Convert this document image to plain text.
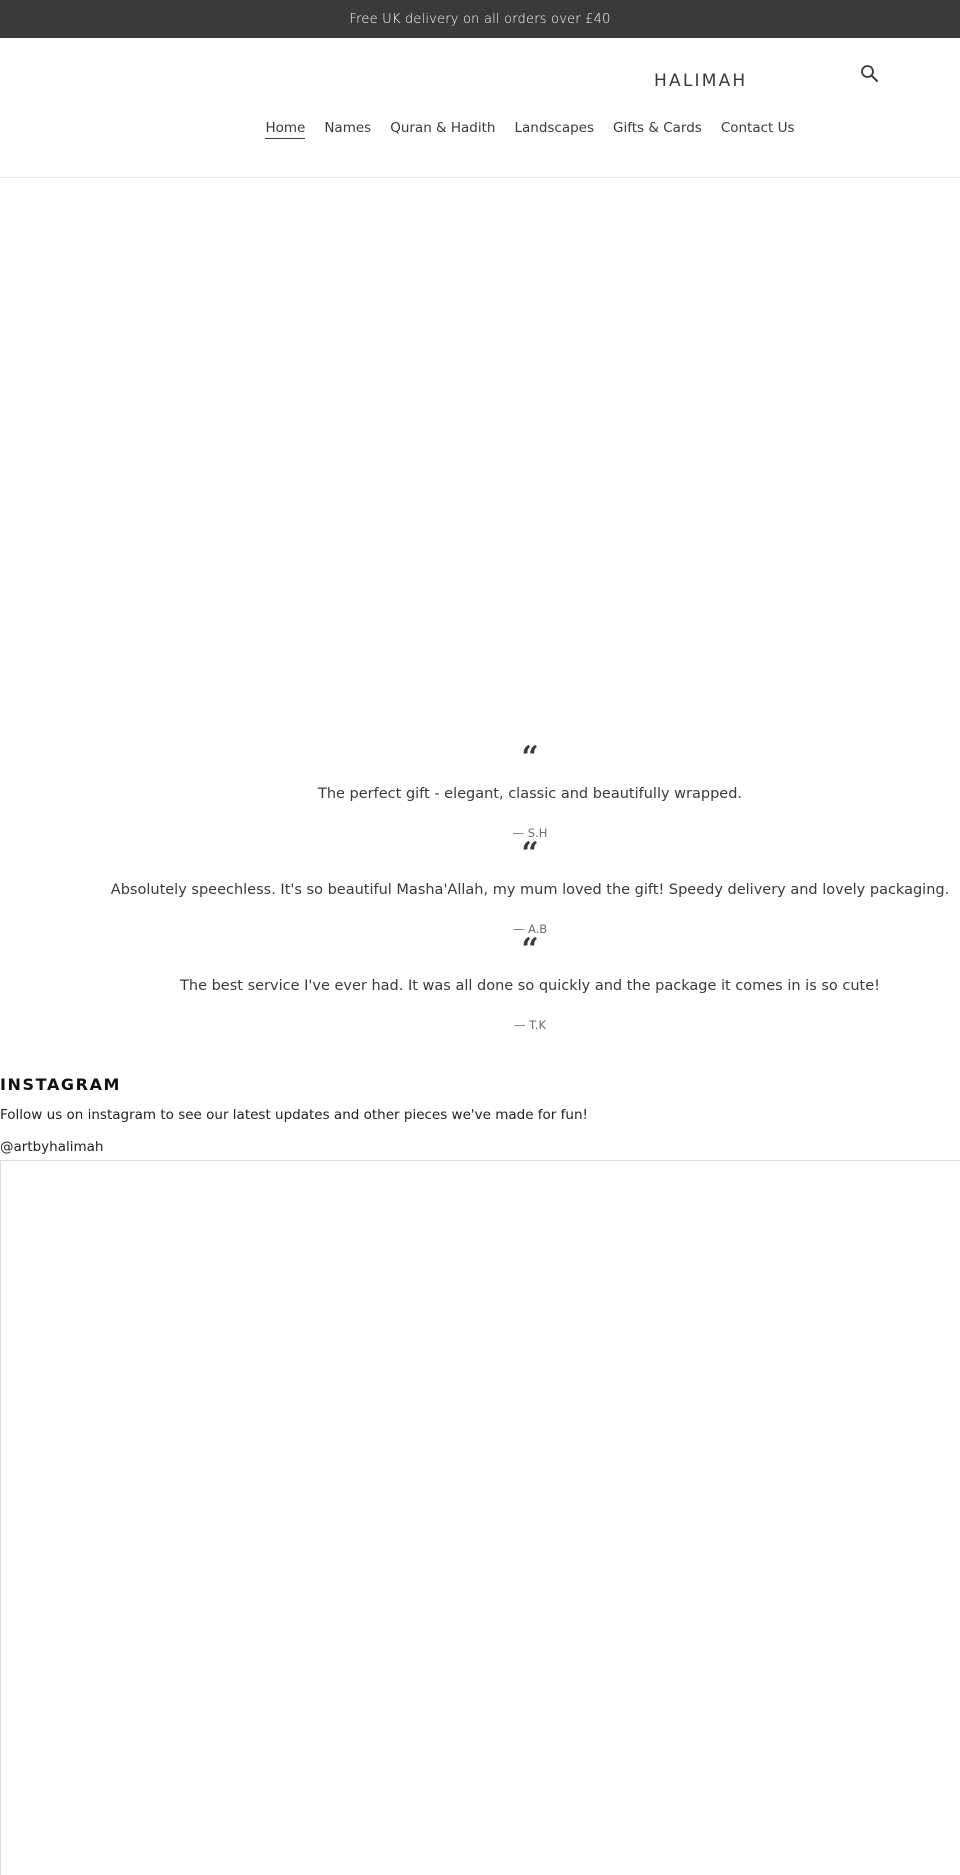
Free UK delivery on all orders over £40
HALIMAH
Home Names Quran & Hadith Landscapes Gifts & Cards Contact Us
“
The perfect gift - elegant, classic and beautifully wrapped.
— S.H
“
Absolutely speechless. It's so beautiful Masha'Allah, my mum loved the gift! Speedy delivery and lovely packaging.
— A.B
“
The best service I've ever had. It was all done so quickly and the package it comes in is so cute!
— T.K
INSTAGRAM

Follow us on instagram to see our latest updates and other pieces we've made for fun!

@artbyhalimah
